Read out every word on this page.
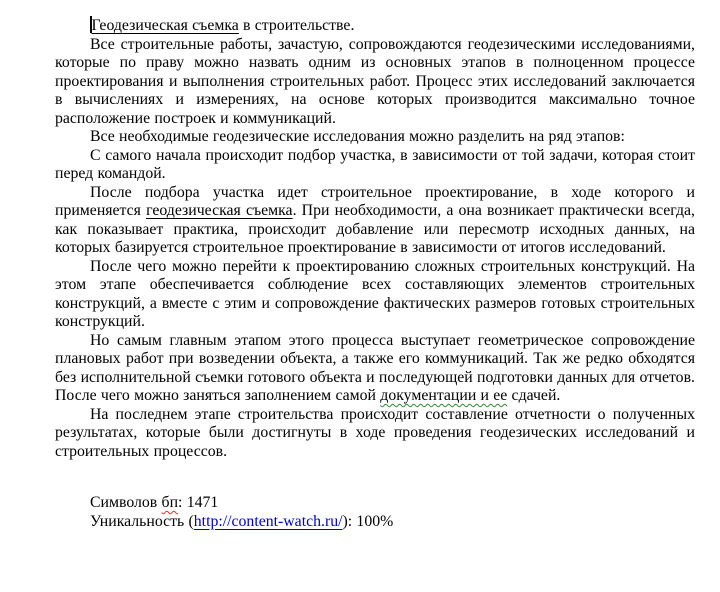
Геодезическая съемка в строительстве.

Все строительные работы, зачастую, сопровождаются геодезическими исследованиями, которые по праву можно назвать одним из основных этапов в полноценном процессе проектирования и выполнения строительных работ. Процесс этих исследований заключается в вычислениях и измерениях, на основе которых производится максимально точное расположение построек и коммуникаций.

Все необходимые геодезические исследования можно разделить на ряд этапов:

С самого начала происходит подбор участка, в зависимости от той задачи, которая стоит перед командой.

После подбора участка идет строительное проектирование, в ходе которого и применяется геодезическая съемка. При необходимости, а она возникает практически всегда, как показывает практика, происходит добавление или пересмотр исходных данных, на которых базируется строительное проектирование в зависимости от итогов исследований.

После чего можно перейти к проектированию сложных строительных конструкций. На этом этапе обеспечивается соблюдение всех составляющих элементов строительных конструкций, а вместе с этим и сопровождение фактических размеров готовых строительных конструкций.

Но самым главным этапом этого процесса выступает геометрическое сопровождение плановых работ при возведении объекта, а также его коммуникаций. Так же редко обходятся без исполнительной съемки готового объекта и последующей подготовки данных для отчетов. После чего можно заняться заполнением самой документации и ее сдачей.

На последнем этапе строительства происходит составление отчетности о полученных результатах, которые были достигнуты в ходе проведения геодезических исследований и строительных процессов.

Символов бп: 1471

Уникальность (http://content-watch.ru/): 100%
